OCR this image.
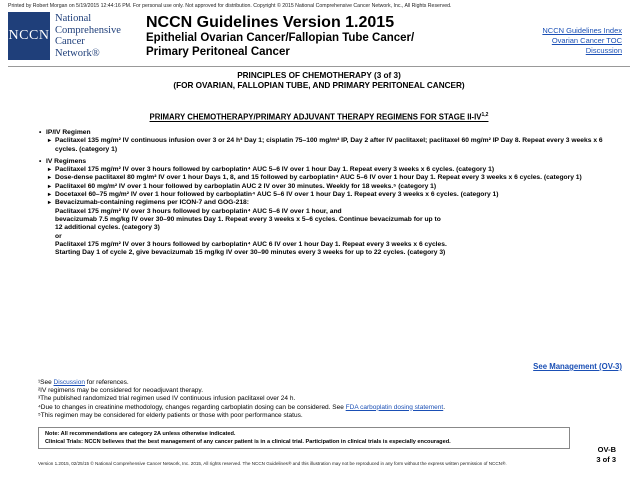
Printed by Robert Morgan on 5/19/2015 12:44:16 PM. For personal use only. Not approved for distribution. Copyright © 2015 National Comprehensive Cancer Network, Inc., All Rights Reserved.
NCCN
National
Comprehensive
Cancer
Network®
NCCN Guidelines Version 1.2015
Epithelial Ovarian Cancer/Fallopian Tube Cancer/
Primary Peritoneal Cancer
NCCN Guidelines Index
Ovarian Cancer TOC
Discussion
PRINCIPLES OF CHEMOTHERAPY (3 of 3)
(FOR OVARIAN, FALLOPIAN TUBE, AND PRIMARY PERITONEAL CANCER)
PRIMARY CHEMOTHERAPY/PRIMARY ADJUVANT THERAPY REGIMENS FOR STAGE II-IV$^{1,2}$
• IP/IV Regimen
▸ Paclitaxel 135 mg/m² IV continuous infusion over 3 or 24 h³ Day 1; cisplatin 75–100 mg/m² IP, Day 2 after IV paclitaxel; paclitaxel 60 mg/m² IP Day 8. Repeat every 3 weeks x 6 cycles. (category 1)
• IV Regimens
▸ Paclitaxel 175 mg/m² IV over 3 hours followed by carboplatin⁴ AUC 5–6 IV over 1 hour Day 1. Repeat every 3 weeks x 6 cycles. (category 1)
▸ Dose-dense paclitaxel 80 mg/m² IV over 1 hour Days 1, 8, and 15 followed by carboplatin⁴ AUC 5–6 IV over 1 hour Day 1. Repeat every 3 weeks x 6 cycles. (category 1)
▸ Paclitaxel 60 mg/m² IV over 1 hour followed by carboplatin AUC 2 IV over 30 minutes. Weekly for 18 weeks.⁵ (category 1)
▸ Docetaxel 60–75 mg/m² IV over 1 hour followed by carboplatin⁴ AUC 5–6 IV over 1 hour Day 1. Repeat every 3 weeks x 6 cycles. (category 1)
▸ Bevacizumab-containing regimens per ICON-7 and GOG-218:
Paclitaxel 175 mg/m² IV over 3 hours followed by carboplatin⁴ AUC 5–6 IV over 1 hour, and
bevacizumab 7.5 mg/kg IV over 30–90 minutes Day 1. Repeat every 3 weeks x 5–6 cycles. Continue bevacizumab for up to
12 additional cycles. (category 3)
or
Paclitaxel 175 mg/m² IV over 3 hours followed by carboplatin⁴ AUC 6 IV over 1 hour Day 1. Repeat every 3 weeks x 6 cycles.
Starting Day 1 of cycle 2, give bevacizumab 15 mg/kg IV over 30–90 minutes every 3 weeks for up to 22 cycles. (category 3)
See Management (OV-3)
¹See Discussion for references.
²IV regimens may be considered for neoadjuvant therapy.
³The published randomized trial regimen used IV continuous infusion paclitaxel over 24 h.
⁴Due to changes in creatinine methodology, changes regarding carboplatin dosing can be considered. See FDA carboplatin dosing statement.
⁵This regimen may be considered for elderly patients or those with poor performance status.
Note: All recommendations are category 2A unless otherwise indicated.
Clinical Trials: NCCN believes that the best management of any cancer patient is in a clinical trial. Participation in clinical trials is especially encouraged.
OV-B
3 of 3
Version 1.2015, 02/25/15 © National Comprehensive Cancer Network, Inc. 2015, All rights reserved. The NCCN Guidelines® and this illustration may not be reproduced in any form without the express written permission of NCCN®.
